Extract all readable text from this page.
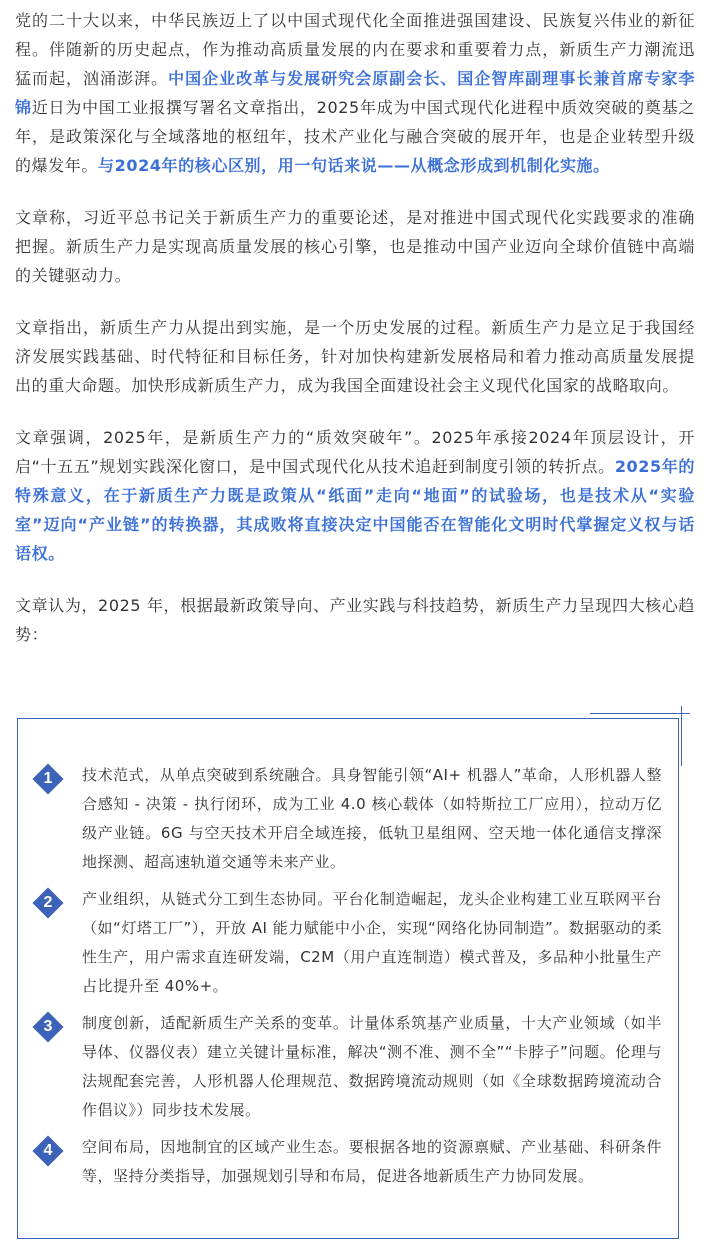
党的二十大以来，中华民族迈上了以中国式现代化全面推进强国建设、民族复兴伟业的新征程。伴随新的历史起点，作为推动高质量发展的内在要求和重要着力点，新质生产力潮流迅猛而起，汹涌澎湃。中国企业改革与发展研究会原副会长、国企智库副理事长兼首席专家李锦近日为中国工业报撰写署名文章指出，2025年成为中国式现代化进程中质效突破的奠基之年，是政策深化与全域落地的枢纽年，技术产业化与融合突破的展开年，也是企业转型升级的爆发年。与2024年的核心区别，用一句话来说——从概念形成到机制化实施。

文章称，习近平总书记关于新质生产力的重要论述，是对推进中国式现代化实践要求的准确把握。新质生产力是实现高质量发展的核心引擎，也是推动中国产业迈向全球价值链中高端的关键驱动力。

文章指出，新质生产力从提出到实施，是一个历史发展的过程。新质生产力是立足于我国经济发展实践基础、时代特征和目标任务，针对加快构建新发展格局和着力推动高质量发展提出的重大命题。加快形成新质生产力，成为我国全面建设社会主义现代化国家的战略取向。

文章强调，2025年，是新质生产力的“质效突破年”。2025年承接2024年顶层设计，开启“十五五”规划实践深化窗口，是中国式现代化从技术追赶到制度引领的转折点。2025年的特殊意义，在于新质生产力既是政策从“纸面”走向“地面”的试验场，也是技术从“实验室”迈向“产业链”的转换器，其成败将直接决定中国能否在智能化文明时代掌握定义权与话语权。

文章认为，2025 年，根据最新政策导向、产业实践与科技趋势，新质生产力呈现四大核心趋势：

1	技术范式，从单点突破到系统融合。具身智能引领“AI+ 机器人”革命，人形机器人整合感知 - 决策 - 执行闭环，成为工业 4.0 核心载体（如特斯拉工厂应用），拉动万亿级产业链。6G 与空天技术开启全域连接，低轨卫星组网、空天地一体化通信支撑深地探测、超高速轨道交通等未来产业。

2	产业组织，从链式分工到生态协同。平台化制造崛起，龙头企业构建工业互联网平台（如“灯塔工厂”），开放 AI 能力赋能中小企，实现“网络化协同制造”。数据驱动的柔性生产，用户需求直连研发端，C2M（用户直连制造）模式普及，多品种小批量生产占比提升至 40%+。

3	制度创新，适配新质生产关系的变革。计量体系筑基产业质量，十大产业领域（如半导体、仪器仪表）建立关键计量标准，解决“测不准、测不全”“卡脖子”问题。伦理与法规配套完善，人形机器人伦理规范、数据跨境流动规则（如《全球数据跨境流动合作倡议》）同步技术发展。

4	空间布局，因地制宜的区域产业生态。要根据各地的资源禀赋、产业基础、科研条件等，坚持分类指导，加强规划引导和布局，促进各地新质生产力协同发展。
